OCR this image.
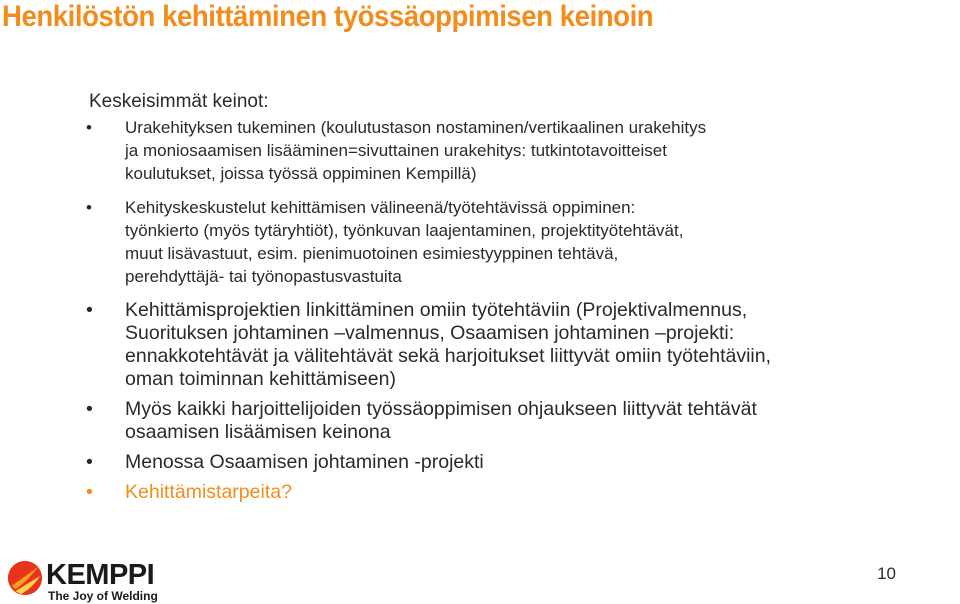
Henkilöstön kehittäminen työssäoppimisen keinoin
Keskeisimmät keinot:
• Urakehityksen tukeminen (koulutustason nostaminen/vertikaalinen urakehitys
ja moniosaamisen lisääminen=sivuttainen urakehitys: tutkintotavoitteiset
koulutukset, joissa työssä oppiminen Kempillä)
• Kehityskeskustelut kehittämisen välineenä/työtehtävissä oppiminen:
työnkierto (myös tytäryhtiöt), työnkuvan laajentaminen, projektityötehtävät,
muut lisävastuut, esim. pienimuotoinen esimiestyyppinen tehtävä,
perehdyttäjä- tai työnopastusvastuita
• Kehittämisprojektien linkittäminen omiin työtehtäviin (Projektivalmennus,
Suorituksen johtaminen –valmennus, Osaamisen johtaminen –projekti:
ennakkotehtävät ja välitehtävät sekä harjoitukset liittyvät omiin työtehtäviin,
oman toiminnan kehittämiseen)
• Myös kaikki harjoittelijoiden työssäoppimisen ohjaukseen liittyvät tehtävät
osaamisen lisäämisen keinona
• Menossa Osaamisen johtaminen -projekti
• Kehittämistarpeita?
KEMPPI
The Joy of Welding
10
